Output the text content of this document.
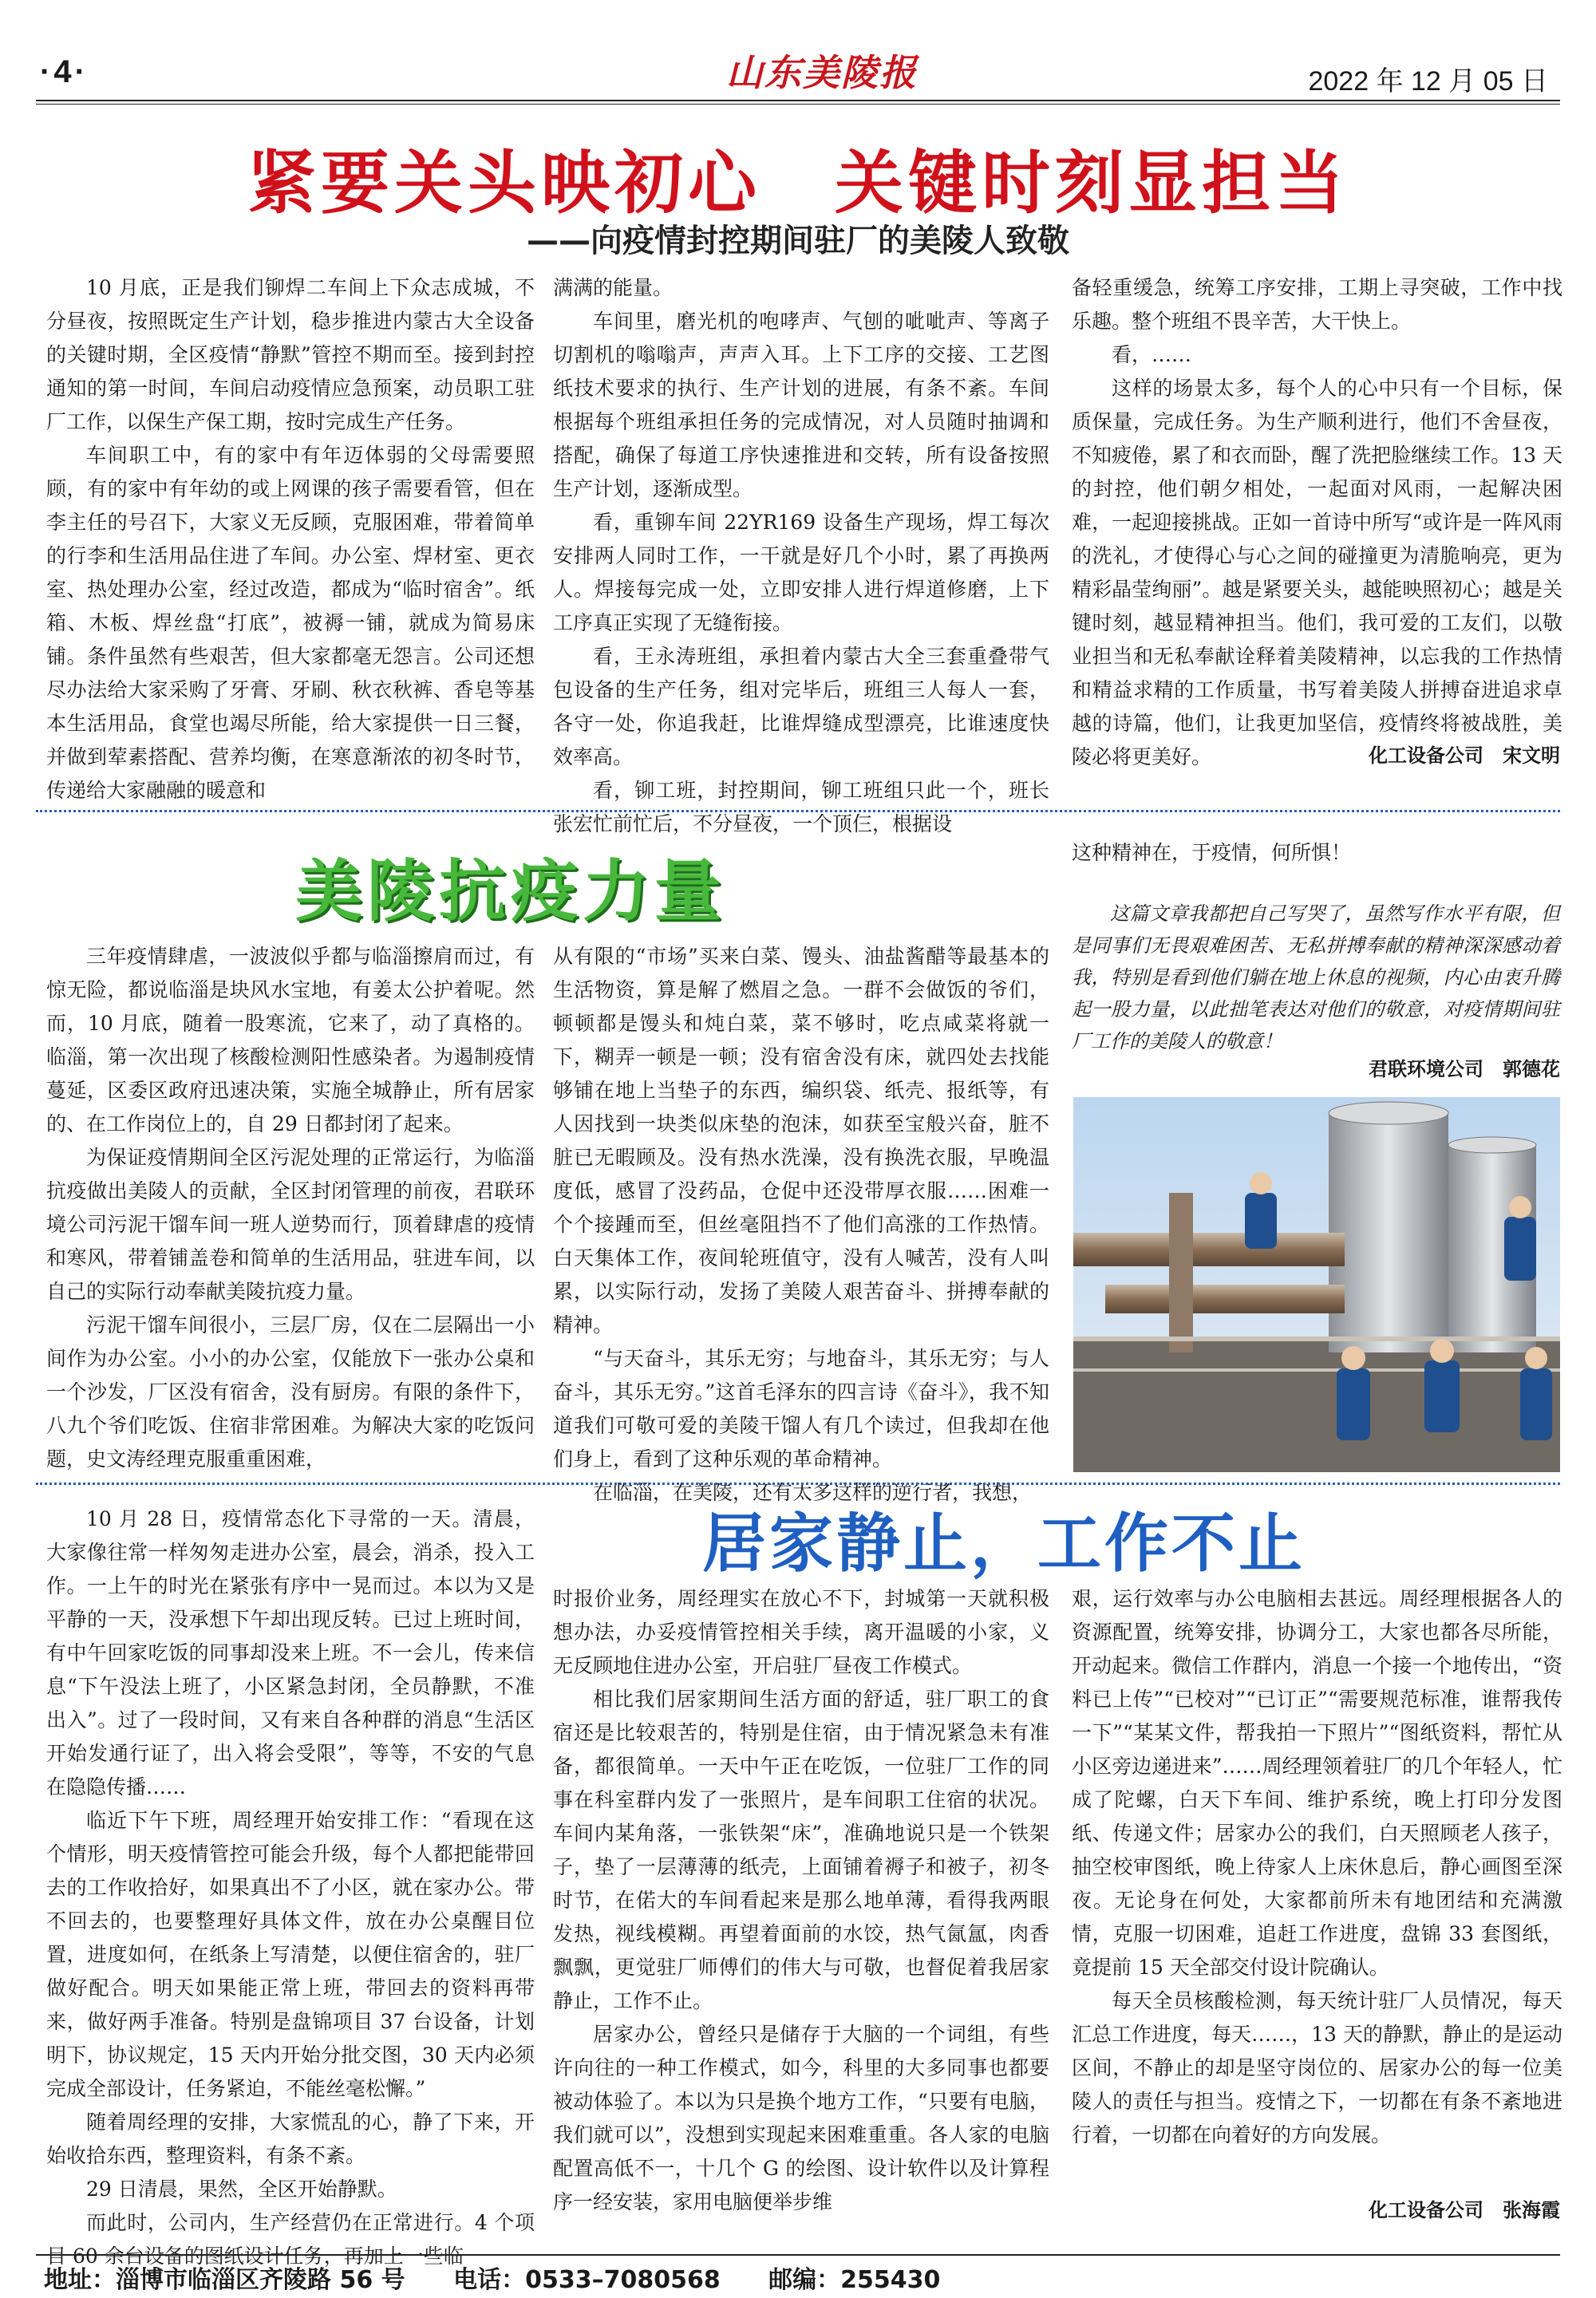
·4·	山东美陵报	2022 年 12 月 05 日
紧要关头映初心　关键时刻显担当
——向疫情封控期间驻厂的美陵人致敬

10 月底，正是我们铆焊二车间上下众志成城，不分昼夜，按照既定生产计划，稳步推进内蒙古大全设备的关键时期，全区疫情“静默”管控不期而至。接到封控通知的第一时间，车间启动疫情应急预案，动员职工驻厂工作，以保生产保工期，按时完成生产任务。

车间职工中，有的家中有年迈体弱的父母需要照顾，有的家中有年幼的或上网课的孩子需要看管，但在李主任的号召下，大家义无反顾，克服困难，带着简单的行李和生活用品住进了车间。办公室、焊材室、更衣室、热处理办公室，经过改造，都成为“临时宿舍”。纸箱、木板、焊丝盘“打底”，被褥一铺，就成为简易床铺。条件虽然有些艰苦，但大家都毫无怨言。公司还想尽办法给大家采购了牙膏、牙刷、秋衣秋裤、香皂等基本生活用品，食堂也竭尽所能，给大家提供一日三餐，并做到荤素搭配、营养均衡，在寒意渐浓的初冬时节，传递给大家融融的暖意和

满满的能量。

车间里，磨光机的咆哮声、气刨的呲呲声、等离子切割机的嗡嗡声，声声入耳。上下工序的交接、工艺图纸技术要求的执行、生产计划的进展，有条不紊。车间根据每个班组承担任务的完成情况，对人员随时抽调和搭配，确保了每道工序快速推进和交转，所有设备按照生产计划，逐渐成型。

看，重铆车间 22YR169 设备生产现场，焊工每次安排两人同时工作，一干就是好几个小时，累了再换两人。焊接每完成一处，立即安排人进行焊道修磨，上下工序真正实现了无缝衔接。

看，王永涛班组，承担着内蒙古大全三套重叠带气包设备的生产任务，组对完毕后，班组三人每人一套，各守一处，你追我赶，比谁焊缝成型漂亮，比谁速度快效率高。

看，铆工班，封控期间，铆工班组只此一个，班长张宏忙前忙后，不分昼夜，一个顶仨，根据设

备轻重缓急，统筹工序安排，工期上寻突破，工作中找乐趣。整个班组不畏辛苦，大干快上。

看，……

这样的场景太多，每个人的心中只有一个目标，保质保量，完成任务。为生产顺利进行，他们不舍昼夜，不知疲倦，累了和衣而卧，醒了洗把脸继续工作。13 天的封控，他们朝夕相处，一起面对风雨，一起解决困难，一起迎接挑战。正如一首诗中所写“或许是一阵风雨的洗礼，才使得心与心之间的碰撞更为清脆响亮，更为精彩晶莹绚丽”。越是紧要关头，越能映照初心；越是关键时刻，越显精神担当。他们，我可爱的工友们，以敬业担当和无私奉献诠释着美陵精神，以忘我的工作热情和精益求精的工作质量，书写着美陵人拼搏奋进追求卓越的诗篇，他们，让我更加坚信，疫情终将被战胜，美陵必将更美好。	化工设备公司　宋文明
美陵抗疫力量

三年疫情肆虐，一波波似乎都与临淄擦肩而过，有惊无险，都说临淄是块风水宝地，有姜太公护着呢。然而，10 月底，随着一股寒流，它来了，动了真格的。临淄，第一次出现了核酸检测阳性感染者。为遏制疫情蔓延，区委区政府迅速决策，实施全城静止，所有居家的、在工作岗位上的，自 29 日都封闭了起来。

为保证疫情期间全区污泥处理的正常运行，为临淄抗疫做出美陵人的贡献，全区封闭管理的前夜，君联环境公司污泥干馏车间一班人逆势而行，顶着肆虐的疫情和寒风，带着铺盖卷和简单的生活用品，驻进车间，以自己的实际行动奉献美陵抗疫力量。

污泥干馏车间很小，三层厂房，仅在二层隔出一小间作为办公室。小小的办公室，仅能放下一张办公桌和一个沙发，厂区没有宿舍，没有厨房。有限的条件下，八九个爷们吃饭、住宿非常困难。为解决大家的吃饭问题，史文涛经理克服重重困难，

从有限的“市场”买来白菜、馒头、油盐酱醋等最基本的生活物资，算是解了燃眉之急。一群不会做饭的爷们，顿顿都是馒头和炖白菜，菜不够时，吃点咸菜将就一下，糊弄一顿是一顿；没有宿舍没有床，就四处去找能够铺在地上当垫子的东西，编织袋、纸壳、报纸等，有人因找到一块类似床垫的泡沫，如获至宝般兴奋，脏不脏已无暇顾及。没有热水洗澡，没有换洗衣服，早晚温度低，感冒了没药品，仓促中还没带厚衣服……困难一个个接踵而至，但丝毫阻挡不了他们高涨的工作热情。白天集体工作，夜间轮班值守，没有人喊苦，没有人叫累，以实际行动，发扬了美陵人艰苦奋斗、拼搏奉献的精神。

“与天奋斗，其乐无穷；与地奋斗，其乐无穷；与人奋斗，其乐无穷。”这首毛泽东的四言诗《奋斗》，我不知道我们可敬可爱的美陵干馏人有几个读过，但我却在他们身上，看到了这种乐观的革命精神。

在临淄，在美陵，还有太多这样的逆行者，我想，

这种精神在，于疫情，何所惧！

这篇文章我都把自己写哭了，虽然写作水平有限，但是同事们无畏艰难困苦、无私拼搏奉献的精神深深感动着我，特别是看到他们躺在地上休息的视频，内心由衷升腾起一股力量，以此拙笔表达对他们的敬意，对疫情期间驻厂工作的美陵人的敬意！

君联环境公司　郭德花
居家静止，工作不止

10 月 28 日，疫情常态化下寻常的一天。清晨，大家像往常一样匆匆走进办公室，晨会，消杀，投入工作。一上午的时光在紧张有序中一晃而过。本以为又是平静的一天，没承想下午却出现反转。已过上班时间，有中午回家吃饭的同事却没来上班。不一会儿，传来信息“下午没法上班了，小区紧急封闭，全员静默，不准出入”。过了一段时间，又有来自各种群的消息“生活区开始发通行证了，出入将会受限”，等等，不安的气息在隐隐传播……

临近下午下班，周经理开始安排工作：“看现在这个情形，明天疫情管控可能会升级，每个人都把能带回去的工作收拾好，如果真出不了小区，就在家办公。带不回去的，也要整理好具体文件，放在办公桌醒目位置，进度如何，在纸条上写清楚，以便住宿舍的，驻厂做好配合。明天如果能正常上班，带回去的资料再带来，做好两手准备。特别是盘锦项目 37 台设备，计划明下，协议规定，15 天内开始分批交图，30 天内必须完成全部设计，任务紧迫，不能丝毫松懈。”

随着周经理的安排，大家慌乱的心，静了下来，开始收拾东西，整理资料，有条不紊。

29 日清晨，果然，全区开始静默。

而此时，公司内，生产经营仍在正常进行。4 个项目 60 余台设备的图纸设计任务，再加上一些临

时报价业务，周经理实在放心不下，封城第一天就积极想办法，办妥疫情管控相关手续，离开温暖的小家，义无反顾地住进办公室，开启驻厂昼夜工作模式。

相比我们居家期间生活方面的舒适，驻厂职工的食宿还是比较艰苦的，特别是住宿，由于情况紧急未有准备，都很简单。一天中午正在吃饭，一位驻厂工作的同事在科室群内发了一张照片，是车间职工住宿的状况。车间内某角落，一张铁架“床”，准确地说只是一个铁架子，垫了一层薄薄的纸壳，上面铺着褥子和被子，初冬时节，在偌大的车间看起来是那么地单薄，看得我两眼发热，视线模糊。再望着面前的水饺，热气氤氲，肉香飘飘，更觉驻厂师傅们的伟大与可敬，也督促着我居家静止，工作不止。

居家办公，曾经只是储存于大脑的一个词组，有些许向往的一种工作模式，如今，科里的大多同事也都要被动体验了。本以为只是换个地方工作，“只要有电脑，我们就可以”，没想到实现起来困难重重。各人家的电脑配置高低不一，十几个 G 的绘图、设计软件以及计算程序一经安装，家用电脑便举步维

艰，运行效率与办公电脑相去甚远。周经理根据各人的资源配置，统筹安排，协调分工，大家也都各尽所能，开动起来。微信工作群内，消息一个接一个地传出，“资料已上传”“已校对”“已订正”“需要规范标准，谁帮我传一下”“某某文件，帮我拍一下照片”“图纸资料，帮忙从小区旁边递进来”……周经理领着驻厂的几个年轻人，忙成了陀螺，白天下车间、维护系统，晚上打印分发图纸、传递文件；居家办公的我们，白天照顾老人孩子，抽空校审图纸，晚上待家人上床休息后，静心画图至深夜。无论身在何处，大家都前所未有地团结和充满激情，克服一切困难，追赶工作进度，盘锦 33 套图纸，竟提前 15 天全部交付设计院确认。

每天全员核酸检测，每天统计驻厂人员情况，每天汇总工作进度，每天……，13 天的静默，静止的是运动区间，不静止的却是坚守岗位的、居家办公的每一位美陵人的责任与担当。疫情之下，一切都在有条不紊地进行着，一切都在向着好的方向发展。

化工设备公司　张海霞
地址：淄博市临淄区齐陵路 56 号 电话：0533–7080568 邮编：255430
